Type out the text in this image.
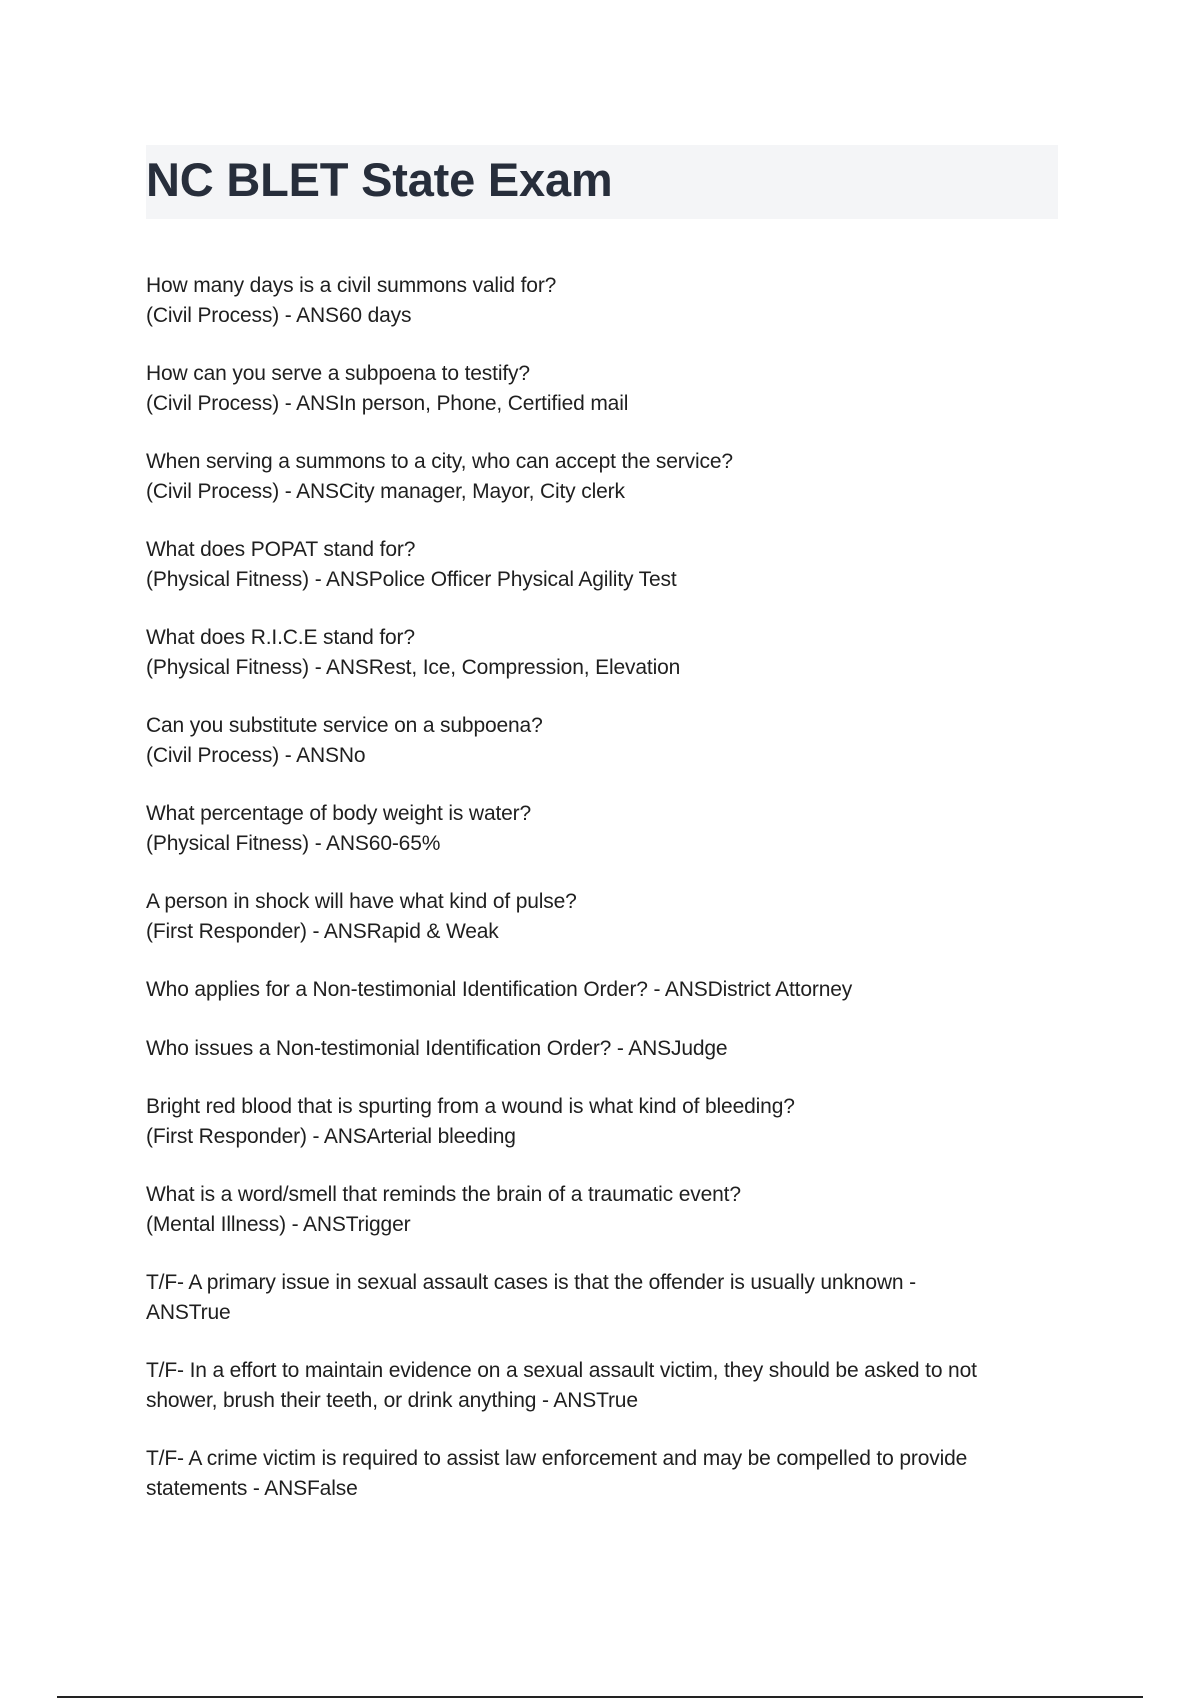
NC BLET State Exam

How many days is a civil summons valid for?
(Civil Process) - ANS60 days

How can you serve a subpoena to testify?
(Civil Process) - ANSIn person, Phone, Certified mail

When serving a summons to a city, who can accept the service?
(Civil Process) - ANSCity manager, Mayor, City clerk

What does POPAT stand for?
(Physical Fitness) - ANSPolice Officer Physical Agility Test

What does R.I.C.E stand for?
(Physical Fitness) - ANSRest, Ice, Compression, Elevation

Can you substitute service on a subpoena?
(Civil Process) - ANSNo

What percentage of body weight is water?
(Physical Fitness) - ANS60-65%

A person in shock will have what kind of pulse?
(First Responder) - ANSRapid & Weak

Who applies for a Non-testimonial Identification Order? - ANSDistrict Attorney

Who issues a Non-testimonial Identification Order? - ANSJudge

Bright red blood that is spurting from a wound is what kind of bleeding?
(First Responder) - ANSArterial bleeding

What is a word/smell that reminds the brain of a traumatic event?
(Mental Illness) - ANSTrigger

T/F- A primary issue in sexual assault cases is that the offender is usually unknown -
ANSTrue

T/F- In a effort to maintain evidence on a sexual assault victim, they should be asked to not
shower, brush their teeth, or drink anything - ANSTrue

T/F- A crime victim is required to assist law enforcement and may be compelled to provide
statements - ANSFalse
